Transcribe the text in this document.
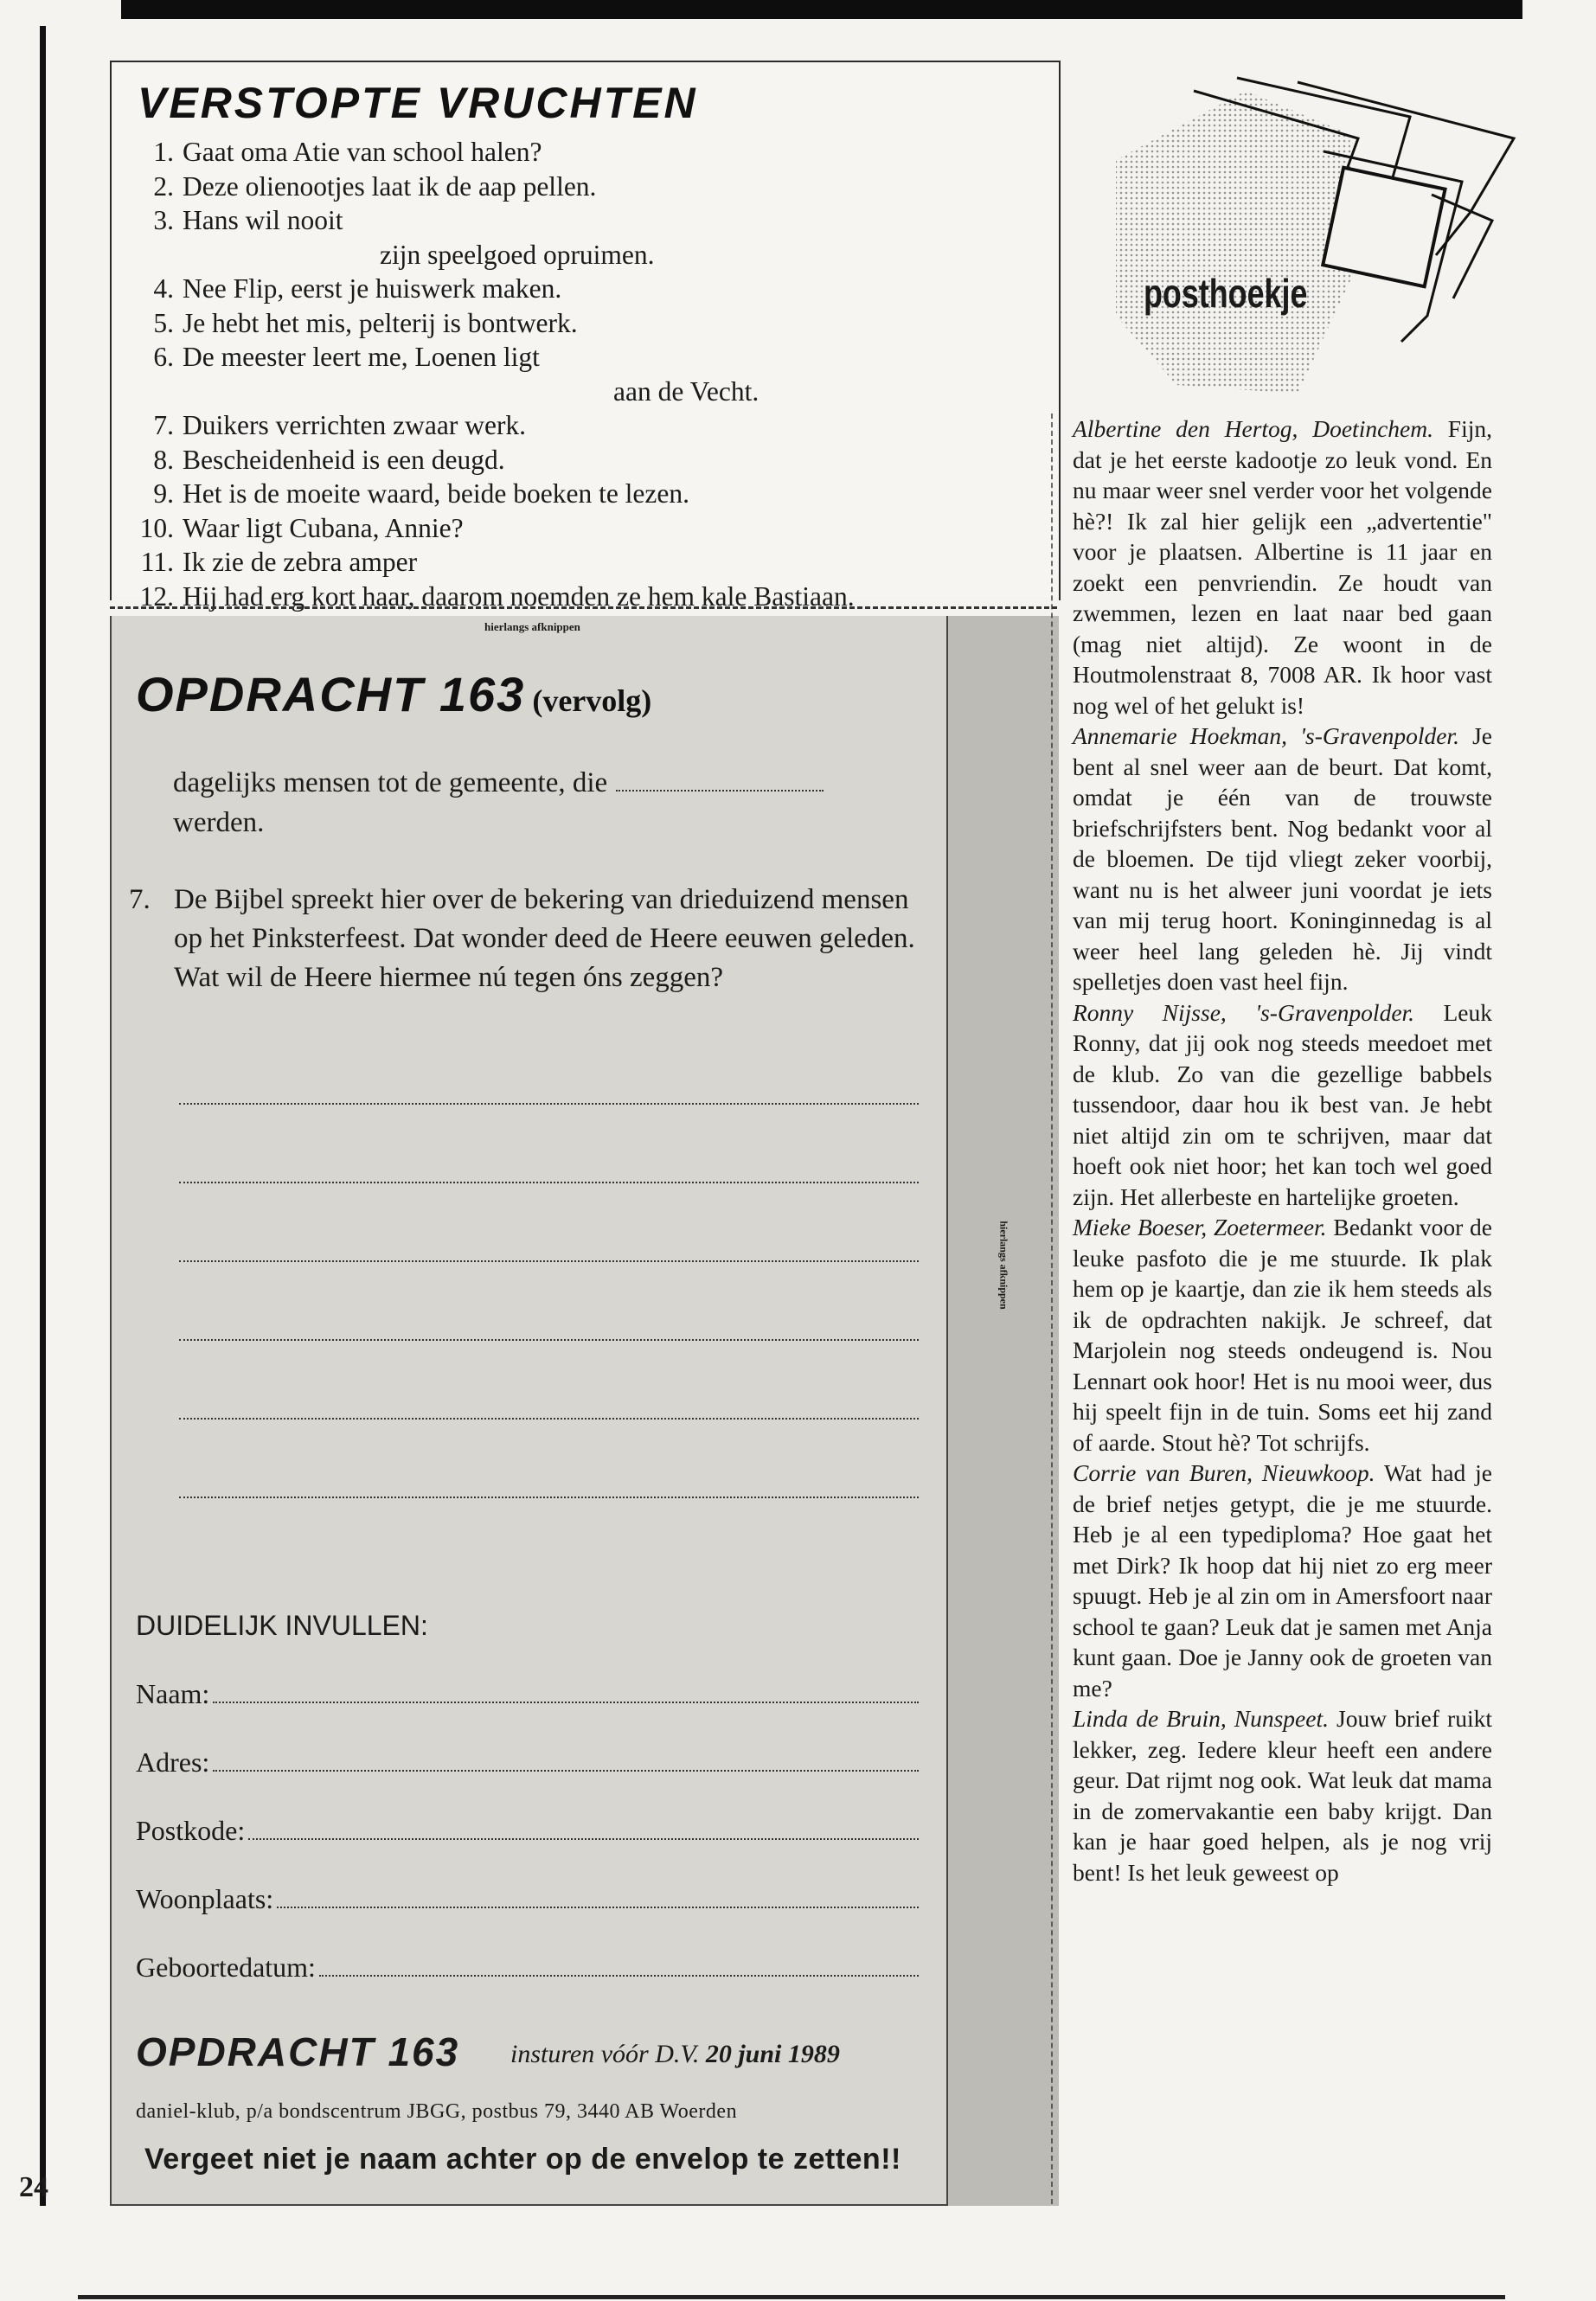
24
VERSTOPTE VRUCHTEN
1. Gaat oma Atie van school halen?
2. Deze olienootjes laat ik de aap pellen.
3. Hans wil nooit
zijn speelgoed opruimen.
4. Nee Flip, eerst je huiswerk maken.
5. Je hebt het mis, pelterij is bontwerk.
6. De meester leert me, Loenen ligt
aan de Vecht.
7. Duikers verrichten zwaar werk.
8. Bescheidenheid is een deugd.
9. Het is de moeite waard, beide boeken te lezen.
10. Waar ligt Cubana, Annie?
11. Ik zie de zebra amper
12. Hij had erg kort haar, daarom noemden ze hem kale Bastiaan.
hierlangs afknippen
hierlangs afknippen
OPDRACHT 163 (vervolg)
dagelijks mensen tot de gemeente, die
werden.
7. De Bijbel spreekt hier over de bekering van drieduizend mensen op het Pinksterfeest. Dat wonder deed de Heere eeuwen geleden. Wat wil de Heere hiermee nú tegen óns zeggen?
DUIDELIJK INVULLEN:
Naam:
Adres:
Postkode:
Woonplaats:
Geboortedatum:
OPDRACHT 163 insturen vóór D.V. 20 juni 1989
daniel-klub, p/a bondscentrum JBGG, postbus 79, 3440 AB Woerden
Vergeet niet je naam achter op de envelop te zetten!!
posthoekje

Albertine den Hertog, Doetinchem. Fijn, dat je het eerste kadootje zo leuk vond. En nu maar weer snel verder voor het volgende hè?! Ik zal hier gelijk een „advertentie" voor je plaatsen. Albertine is 11 jaar en zoekt een penvriendin. Ze houdt van zwemmen, lezen en laat naar bed gaan (mag niet altijd). Ze woont in de Houtmolenstraat 8, 7008 AR. Ik hoor vast nog wel of het gelukt is!

Annemarie Hoekman, 's-Gravenpolder. Je bent al snel weer aan de beurt. Dat komt, omdat je één van de trouwste briefschrijfsters bent. Nog bedankt voor al de bloemen. De tijd vliegt zeker voorbij, want nu is het alweer juni voordat je iets van mij terug hoort. Koninginnedag is al weer heel lang geleden hè. Jij vindt spelletjes doen vast heel fijn.

Ronny Nijsse, 's-Gravenpolder. Leuk Ronny, dat jij ook nog steeds meedoet met de klub. Zo van die gezellige babbels tussendoor, daar hou ik best van. Je hebt niet altijd zin om te schrijven, maar dat hoeft ook niet hoor; het kan toch wel goed zijn. Het allerbeste en hartelijke groeten.

Mieke Boeser, Zoetermeer. Bedankt voor de leuke pasfoto die je me stuurde. Ik plak hem op je kaartje, dan zie ik hem steeds als ik de opdrachten nakijk. Je schreef, dat Marjolein nog steeds ondeugend is. Nou Lennart ook hoor! Het is nu mooi weer, dus hij speelt fijn in de tuin. Soms eet hij zand of aarde. Stout hè? Tot schrijfs.

Corrie van Buren, Nieuwkoop. Wat had je de brief netjes getypt, die je me stuurde. Heb je al een typediploma? Hoe gaat het met Dirk? Ik hoop dat hij niet zo erg meer spuugt. Heb je al zin om in Amersfoort naar school te gaan? Leuk dat je samen met Anja kunt gaan. Doe je Janny ook de groeten van me?

Linda de Bruin, Nunspeet. Jouw brief ruikt lekker, zeg. Iedere kleur heeft een andere geur. Dat rijmt nog ook. Wat leuk dat mama in de zomervakantie een baby krijgt. Dan kan je haar goed helpen, als je nog vrij bent! Is het leuk geweest op
